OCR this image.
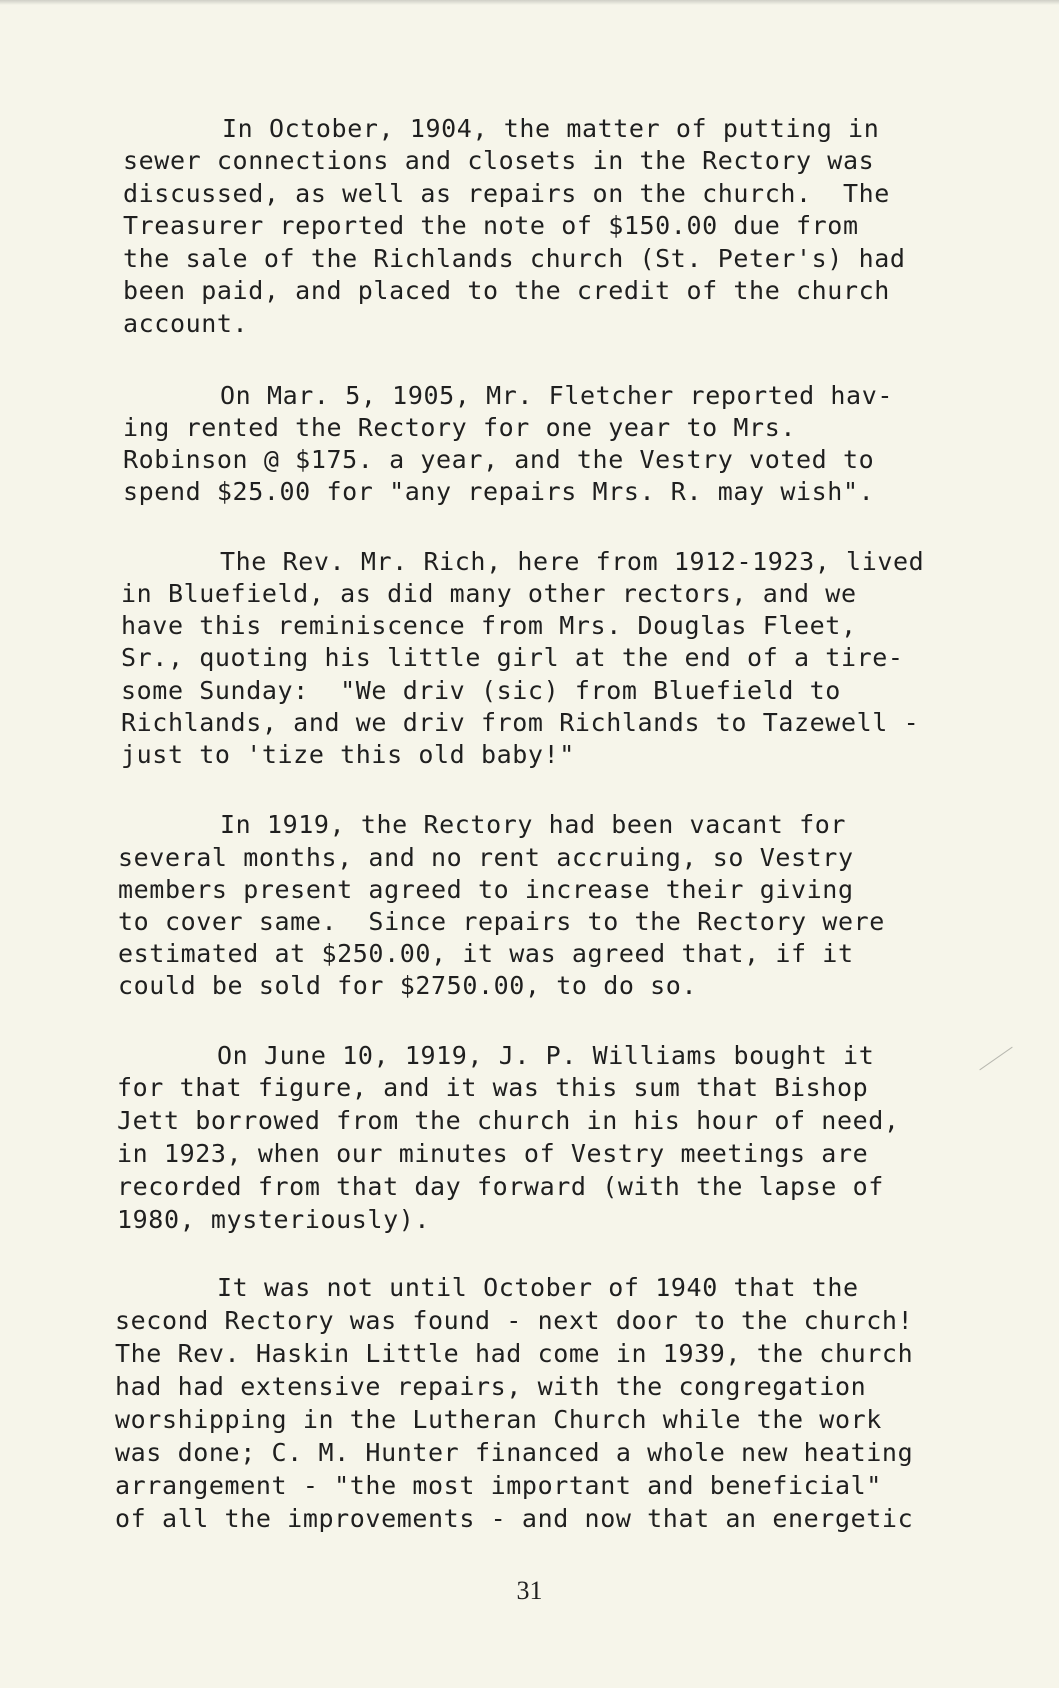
In October, 1904, the matter of putting in
sewer connections and closets in the Rectory was
discussed, as well as repairs on the church.  The
Treasurer reported the note of $150.00 due from
the sale of the Richlands church (St. Peter's) had
been paid, and placed to the credit of the church
account.
On Mar. 5, 1905, Mr. Fletcher reported hav-
ing rented the Rectory for one year to Mrs.
Robinson @ $175. a year, and the Vestry voted to
spend $25.00 for "any repairs Mrs. R. may wish".
The Rev. Mr. Rich, here from 1912-1923, lived
in Bluefield, as did many other rectors, and we
have this reminiscence from Mrs. Douglas Fleet,
Sr., quoting his little girl at the end of a tire-
some Sunday:  "We driv (sic) from Bluefield to
Richlands, and we driv from Richlands to Tazewell -
just to 'tize this old baby!"
In 1919, the Rectory had been vacant for
several months, and no rent accruing, so Vestry
members present agreed to increase their giving
to cover same.  Since repairs to the Rectory were
estimated at $250.00, it was agreed that, if it
could be sold for $2750.00, to do so.
On June 10, 1919, J. P. Williams bought it
for that figure, and it was this sum that Bishop
Jett borrowed from the church in his hour of need,
in 1923, when our minutes of Vestry meetings are
recorded from that day forward (with the lapse of
1980, mysteriously).
It was not until October of 1940 that the
second Rectory was found - next door to the church!
The Rev. Haskin Little had come in 1939, the church
had had extensive repairs, with the congregation
worshipping in the Lutheran Church while the work
was done; C. M. Hunter financed a whole new heating
arrangement - "the most important and beneficial"
of all the improvements - and now that an energetic
31
